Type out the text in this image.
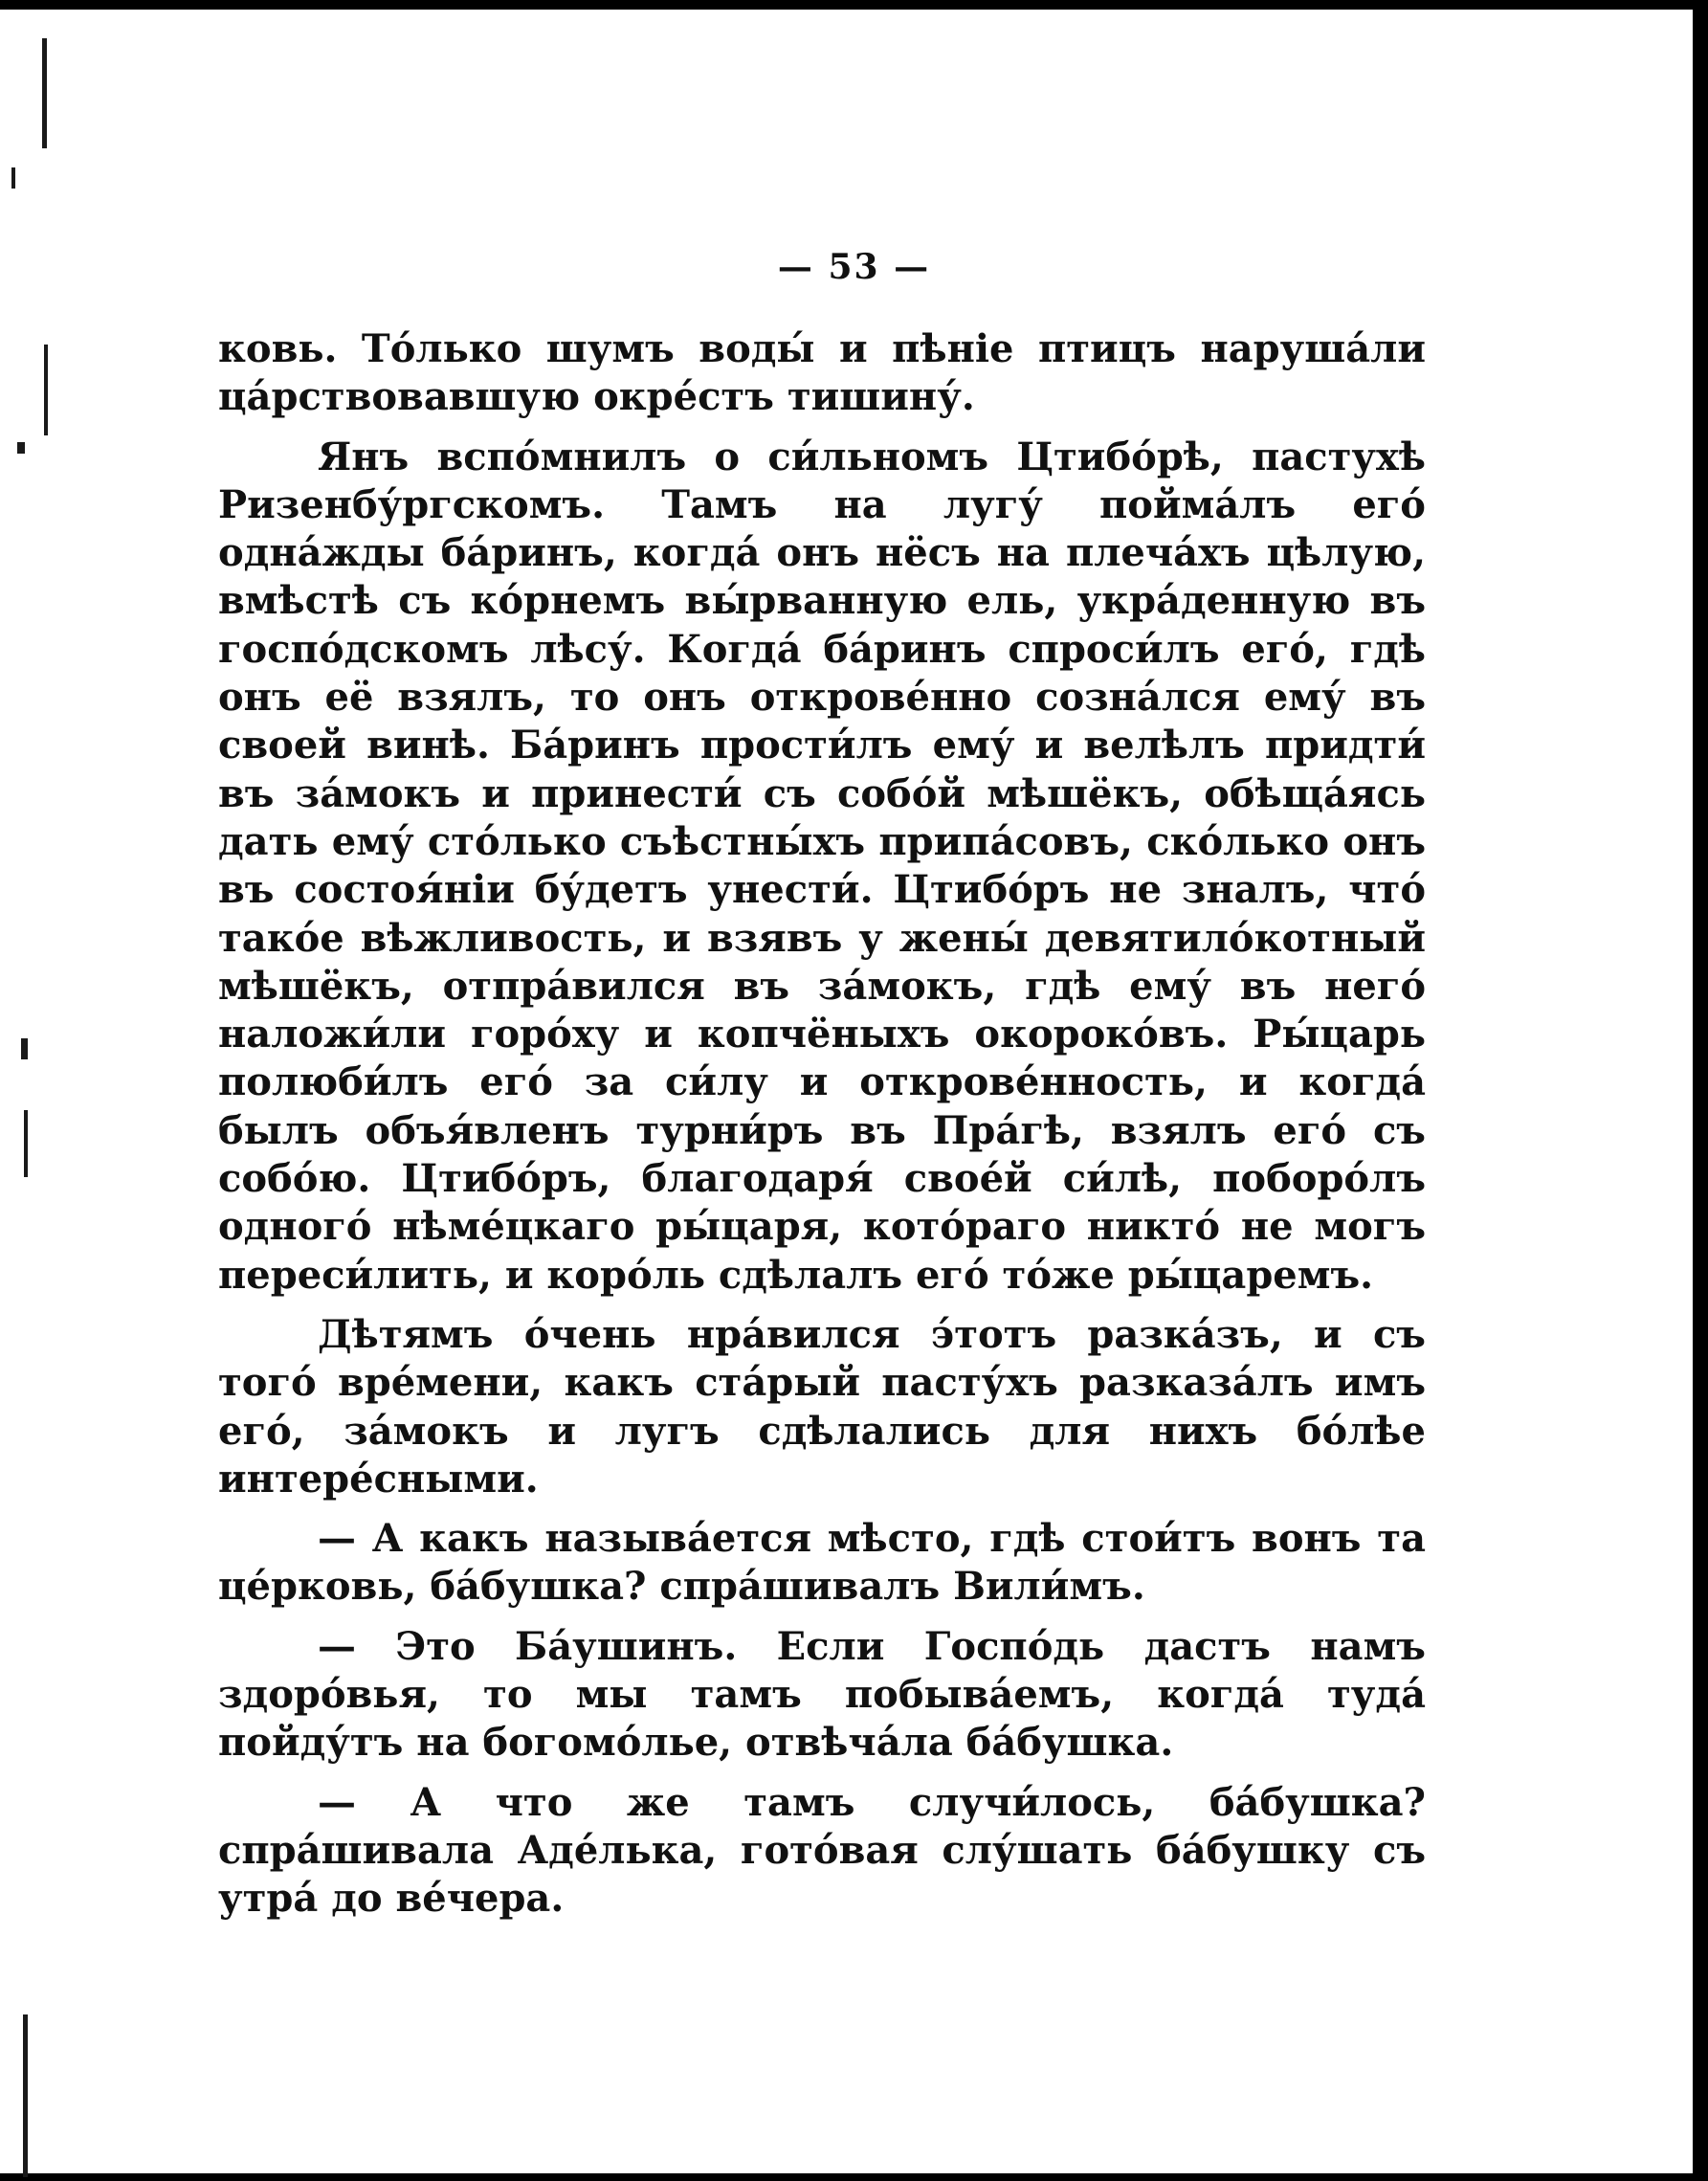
— 53 —

ковь. То́лько шумъ воды́ и пѣніе птицъ наруша́ли ца́рствовавшую окре́стъ тишину́.

Янъ вспо́мнилъ о си́льномъ Цтибо́рѣ, пастухѣ Ризенбу́ргскомъ. Тамъ на лугу́ пойма́лъ его́ одна́жды ба́ринъ, когда́ онъ нёсъ на плеча́хъ цѣлую, вмѣстѣ съ ко́рнемъ вы́рванную ель, укра́денную въ госпо́дскомъ лѣсу́. Когда́ ба́ринъ спроси́лъ его́, гдѣ онъ её взялъ, то онъ открове́нно созна́лся ему́ въ своей винѣ. Ба́ринъ прости́лъ ему́ и велѣлъ придти́ въ за́мокъ и принести́ съ собо́й мѣшёкъ, обѣща́ясь дать ему́ сто́лько съѣстны́хъ припа́совъ, ско́лько онъ въ состоя́ніи бу́детъ унести́. Цтибо́ръ не зналъ, что́ тако́е вѣжливость, и взявъ у жены́ девятило́котный мѣшёкъ, отпра́вился въ за́мокъ, гдѣ ему́ въ него́ наложи́ли горо́ху и копчёныхъ окороко́въ. Ры́царь полюби́лъ его́ за си́лу и открове́нность, и когда́ былъ объя́вленъ турни́ръ въ Пра́гѣ, взялъ его́ съ собо́ю. Цтибо́ръ, благодаря́ свое́й си́лѣ, поборо́лъ одного́ нѣме́цкаго ры́царя, кото́раго никто́ не могъ переси́лить, и коро́ль сдѣлалъ его́ то́же ры́царемъ.

Дѣтямъ о́чень нра́вился э́тотъ разка́зъ, и съ того́ вре́мени, какъ ста́рый пасту́хъ разказа́лъ имъ его́, за́мокъ и лугъ сдѣлались для нихъ бо́лѣе интере́сными.

— А какъ называ́ется мѣсто, гдѣ стои́тъ вонъ та це́рковь, ба́бушка? спра́шивалъ Вили́мъ.

— Это Ба́ушинъ. Если Госпо́дь дастъ намъ здоро́вья, то мы тамъ побыва́емъ, когда́ туда́ пойду́тъ на богомо́лье, отвѣча́ла ба́бушка.

— А что же тамъ случи́лось, ба́бушка? спра́шивала Аде́лька, гото́вая слу́шать ба́бушку съ утра́ до ве́чера.
